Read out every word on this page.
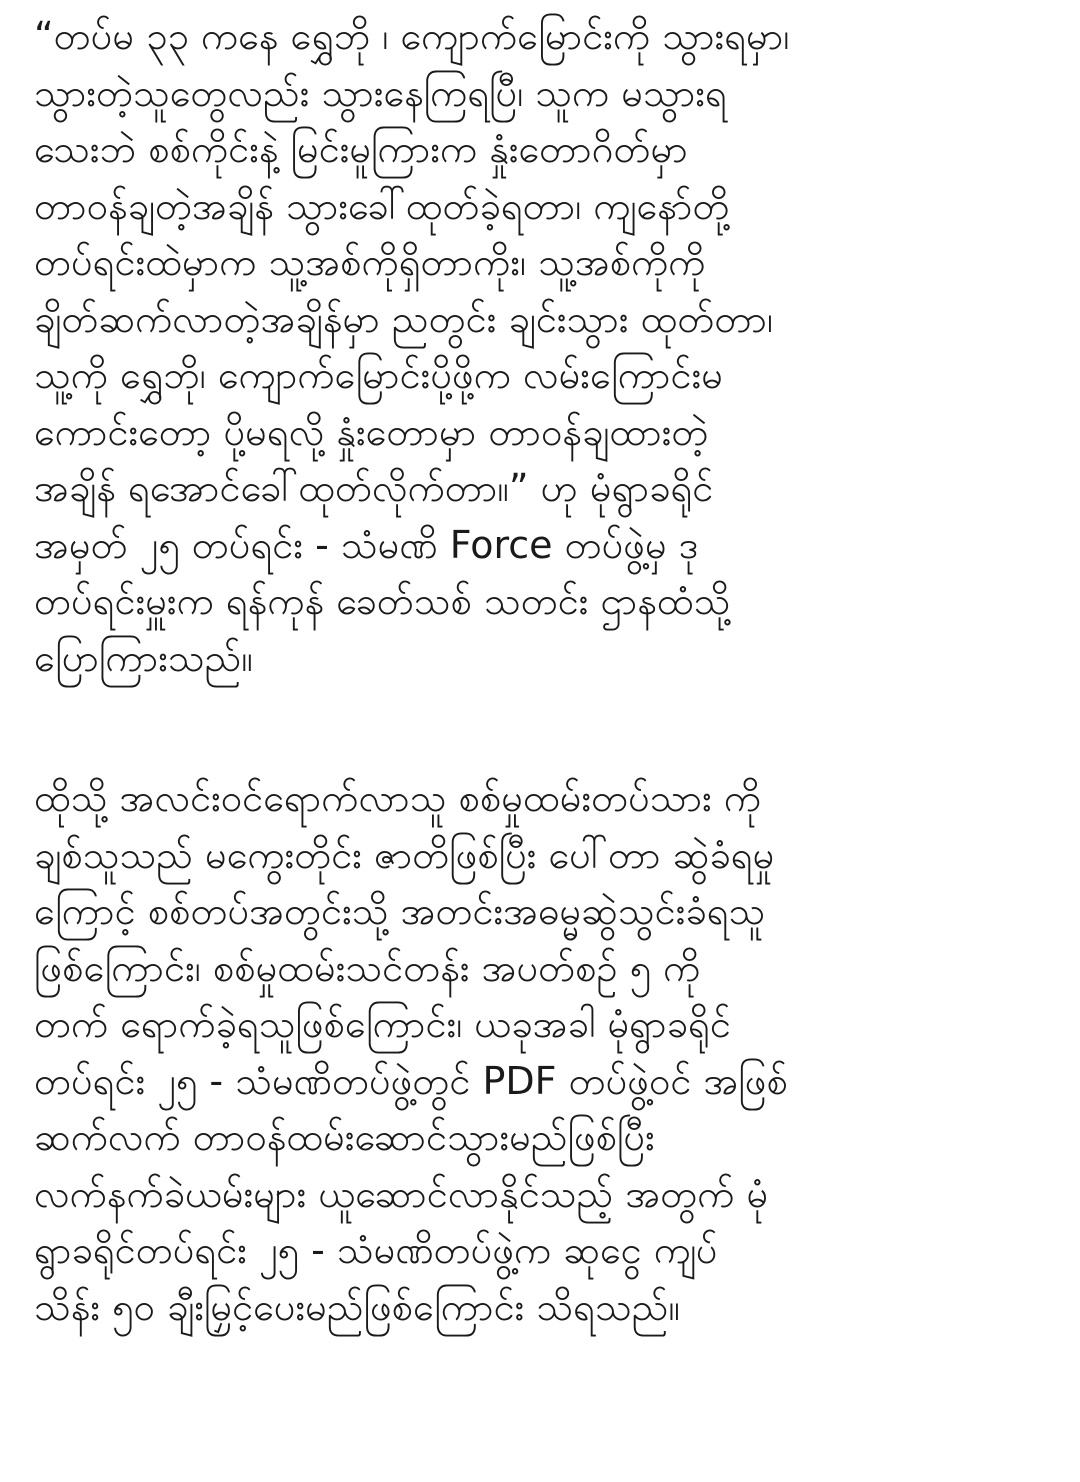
“တပ်မ ၃၃ ကနေ ရွှေဘို ၊ ကျောက်မြောင်းကို သွားရမှာ၊
သွားတဲ့သူတွေလည်း သွားနေကြရပြီ၊ သူက မသွားရ
သေးဘဲ စစ်ကိုင်းနဲ့ မြင်းမူကြားက နှုံးတောဂိတ်မှာ
တာဝန်ချတဲ့အချိန် သွားခေါ်ထုတ်ခဲ့ရတာ၊ ကျနော်တို့
တပ်ရင်းထဲမှာက သူ့အစ်ကိုရှိတာကိုး၊ သူ့အစ်ကိုကို
ချိတ်ဆက်လာတဲ့အချိန်မှာ ညတွင်း ချင်းသွား ထုတ်တာ၊
သူ့ကို ရွှေဘို၊ ကျောက်မြောင်းပို့ဖို့က လမ်းကြောင်းမ
ကောင်းတော့ ပို့မရလို့ နှုံးတောမှာ တာဝန်ချထားတဲ့
အချိန် ရအောင်ခေါ်ထုတ်လိုက်တာ။” ဟု မုံရွာခရိုင်
အမှတ် ၂၅ တပ်ရင်း - သံမဏိ Force တပ်ဖွဲ့မှ ဒု
တပ်ရင်းမှူးက ရန်ကုန် ခေတ်သစ် သတင်း ဌာနထံသို့
ပြောကြားသည်။
ထိုသို့ အလင်းဝင်ရောက်လာသူ စစ်မှုထမ်းတပ်သား ကို
ချစ်သူသည် မကွေးတိုင်း ဇာတိဖြစ်ပြီး ပေါ်တာ ဆွဲခံရမှု
ကြောင့် စစ်တပ်အတွင်းသို့ အတင်းအဓမ္မဆွဲသွင်းခံရသူ
ဖြစ်ကြောင်း၊ စစ်မှုထမ်းသင်တန်း အပတ်စဉ် ၅ ကို
တက် ရောက်ခဲ့ရသူဖြစ်ကြောင်း၊ ယခုအခါ မုံရွာခရိုင်
တပ်ရင်း ၂၅ - သံမဏိတပ်ဖွဲ့တွင် PDF တပ်ဖွဲ့ဝင် အဖြစ်
ဆက်လက် တာဝန်ထမ်းဆောင်သွားမည်ဖြစ်ပြီး
လက်နက်ခဲယမ်းများ ယူဆောင်လာနိုင်သည့် အတွက် မုံ
ရွာခရိုင်တပ်ရင်း ၂၅ - သံမဏိတပ်ဖွဲ့က ဆုငွေ ကျပ်
သိန်း ၅၀ ချီးမြှင့်ပေးမည်ဖြစ်ကြောင်း သိရသည်။
